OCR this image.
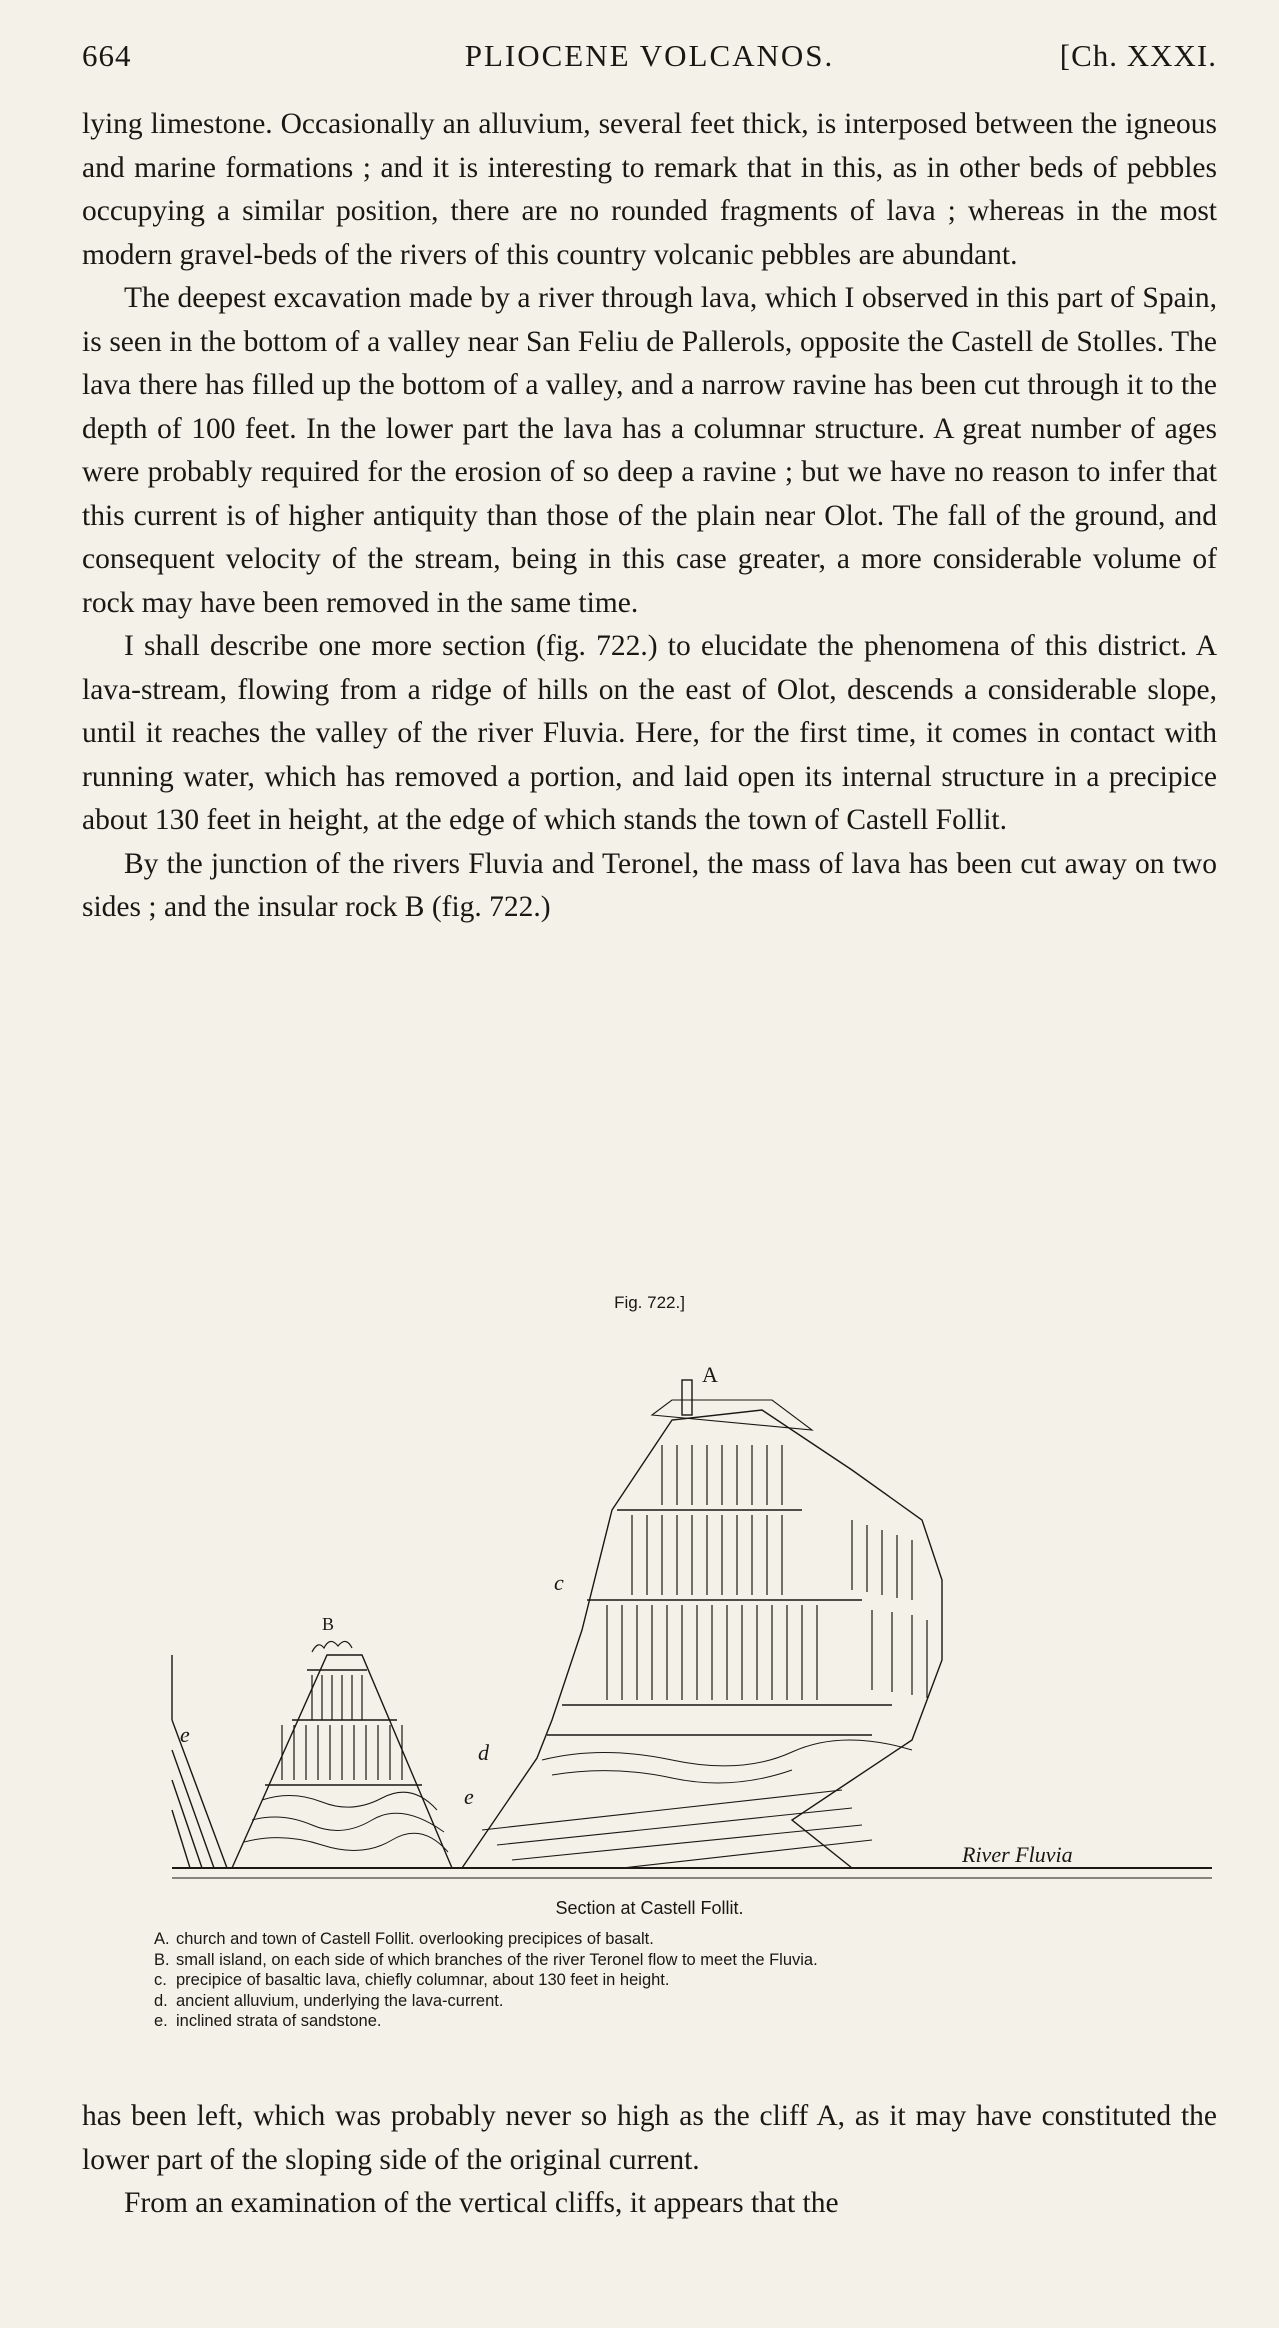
664	PLIOCENE VOLCANOS.	[Ch. XXXI.

lying limestone. Occasionally an alluvium, several feet thick, is interposed between the igneous and marine formations ; and it is interesting to remark that in this, as in other beds of pebbles occupying a similar position, there are no rounded fragments of lava ; whereas in the most modern gravel-beds of the rivers of this country volcanic pebbles are abundant.

The deepest excavation made by a river through lava, which I observed in this part of Spain, is seen in the bottom of a valley near San Feliu de Pallerols, opposite the Castell de Stolles. The lava there has filled up the bottom of a valley, and a narrow ravine has been cut through it to the depth of 100 feet. In the lower part the lava has a columnar structure. A great number of ages were probably required for the erosion of so deep a ravine ; but we have no reason to infer that this current is of higher antiquity than those of the plain near Olot. The fall of the ground, and consequent velocity of the stream, being in this case greater, a more considerable volume of rock may have been removed in the same time.

I shall describe one more section (fig. 722.) to elucidate the phenomena of this district. A lava-stream, flowing from a ridge of hills on the east of Olot, descends a considerable slope, until it reaches the valley of the river Fluvia. Here, for the first time, it comes in contact with running water, which has removed a portion, and laid open its internal structure in a precipice about 130 feet in height, at the edge of which stands the town of Castell Follit.

By the junction of the rivers Fluvia and Teronel, the mass of lava has been cut away on two sides ; and the insular rock B (fig. 722.)

Fig. 722.]
A
B
c
d
e
e
River Fluvia
Section at Castell Follit.
A. church and town of Castell Follit. overlooking precipices of basalt.
B. small island, on each side of which branches of the river Teronel flow to meet the Fluvia.
c. precipice of basaltic lava, chiefly columnar, about 130 feet in height.
d. ancient alluvium, underlying the lava-current.
e. inclined strata of sandstone.

has been left, which was probably never so high as the cliff A, as it may have constituted the lower part of the sloping side of the original current.

From an examination of the vertical cliffs, it appears that the
